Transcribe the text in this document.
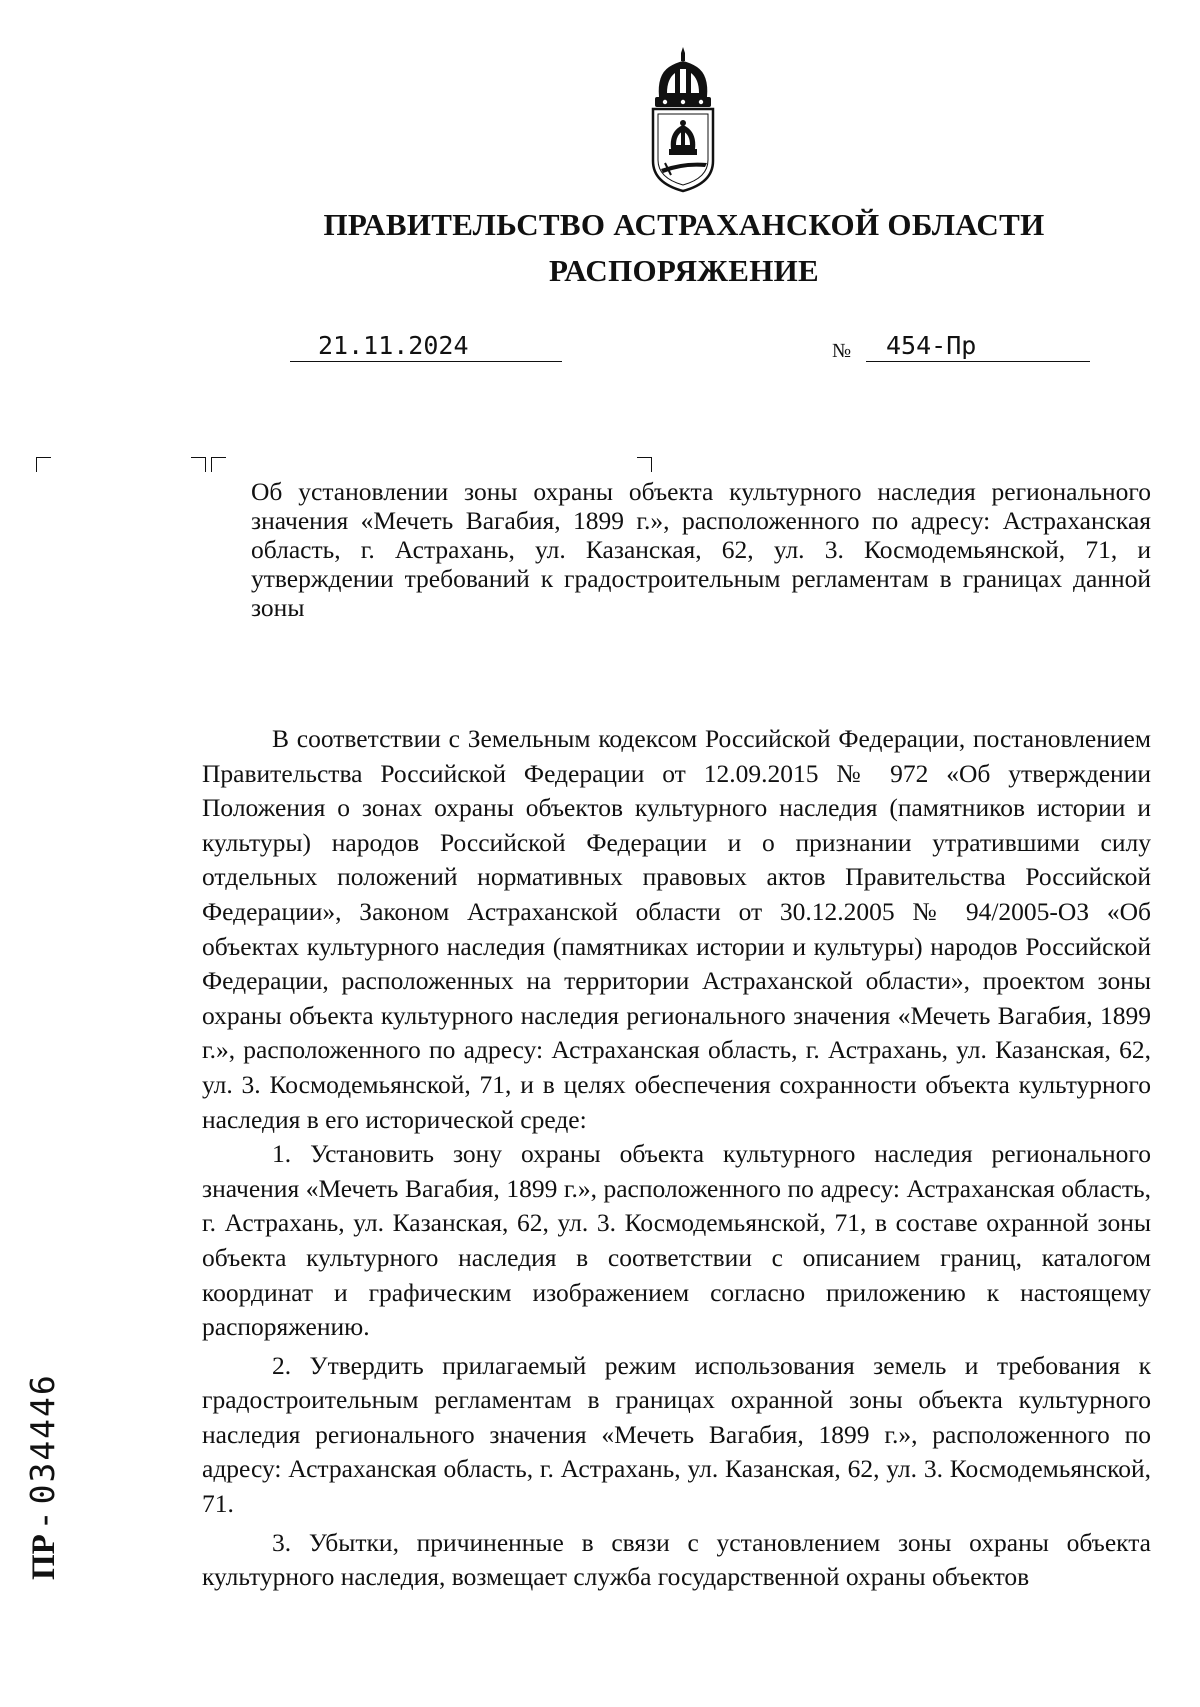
ПРАВИТЕЛЬСТВО АСТРАХАНСКОЙ ОБЛАСТИ
РАСПОРЯЖЕНИЕ
21.11.2024	№	454-Пр

Об установлении зоны охраны объекта культурного наследия регионального значения «Мечеть Вагабия, 1899 г.», расположенного по адресу: Астраханская область, г. Астрахань, ул. Казанская, 62, ул. 3. Космодемьянской, 71, и утверждении требований к градостроительным регламентам в границах данной зоны

В соответствии с Земельным кодексом Российской Федерации, постановлением Правительства Российской Федерации от 12.09.2015 № 972 «Об утверждении Положения о зонах охраны объектов культурного наследия (памятников истории и культуры) народов Российской Федерации и о признании утратившими силу отдельных положений нормативных правовых актов Правительства Российской Федерации», Законом Астраханской области от 30.12.2005 № 94/2005-ОЗ «Об объектах культурного наследия (памятниках истории и культуры) народов Российской Федерации, расположенных на территории Астраханской области», проектом зоны охраны объекта культурного наследия регионального значения «Мечеть Вагабия, 1899 г.», расположенного по адресу: Астраханская область, г. Астрахань, ул. Казанская, 62, ул. 3. Космодемьянской, 71, и в целях обеспечения сохранности объекта культурного наследия в его исторической среде:

1. Установить зону охраны объекта культурного наследия регионального значения «Мечеть Вагабия, 1899 г.», расположенного по адресу: Астраханская область, г. Астрахань, ул. Казанская, 62, ул. 3. Космодемьянской, 71, в составе охранной зоны объекта культурного наследия в соответствии с описанием границ, каталогом координат и графическим изображением согласно приложению к настоящему распоряжению.

2. Утвердить прилагаемый режим использования земель и требования к градостроительным регламентам в границах охранной зоны объекта культурного наследия регионального значения «Мечеть Вагабия, 1899 г.», расположенного по адресу: Астраханская область, г. Астрахань, ул. Казанская, 62, ул. 3. Космодемьянской, 71.

3. Убытки, причиненные в связи с установлением зоны охраны объекта культурного наследия, возмещает служба государственной охраны объектов

ПР - 034446
